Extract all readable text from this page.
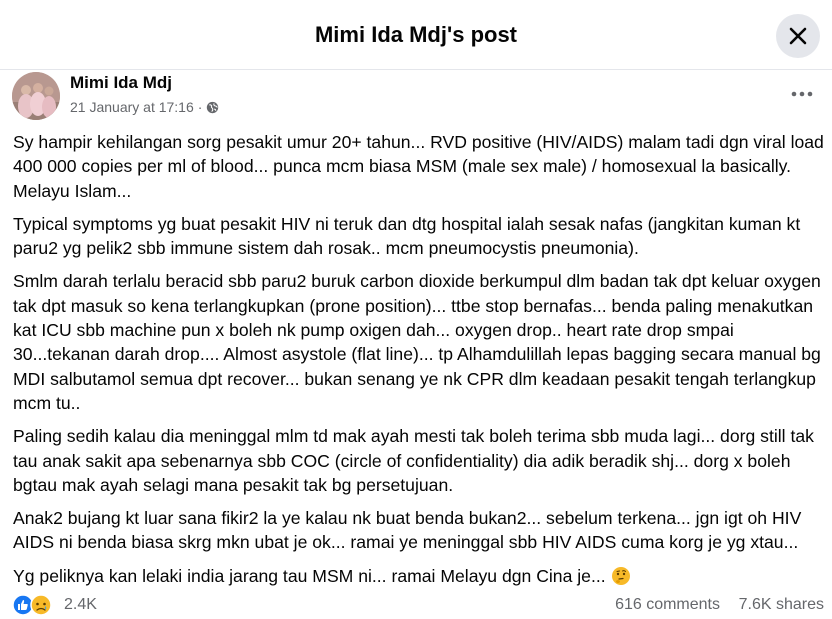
Mimi Ida Mdj's post
Mimi Ida Mdj
21 January at 17:16 ·

Sy hampir kehilangan sorg pesakit umur 20+ tahun... RVD positive (HIV/AIDS) malam tadi dgn viral load 400 000 copies per ml of blood... punca mcm biasa MSM (male sex male) / homosexual la basically. Melayu Islam...

Typical symptoms yg buat pesakit HIV ni teruk dan dtg hospital ialah sesak nafas (jangkitan kuman kt paru2 yg pelik2 sbb immune sistem dah rosak.. mcm pneumocystis pneumonia).

Smlm darah terlalu beracid sbb paru2 buruk carbon dioxide berkumpul dlm badan tak dpt keluar oxygen tak dpt masuk so kena terlangkupkan (prone position)... ttbe stop bernafas... benda paling menakutkan kat ICU sbb machine pun x boleh nk pump oxigen dah... oxygen drop.. heart rate drop smpai 30...tekanan darah drop.... Almost asystole (flat line)... tp Alhamdulillah lepas bagging secara manual bg MDI salbutamol semua dpt recover... bukan senang ye nk CPR dlm keadaan pesakit tengah terlangkup mcm tu..

Paling sedih kalau dia meninggal mlm td mak ayah mesti tak boleh terima sbb muda lagi... dorg still tak tau anak sakit apa sebenarnya sbb COC (circle of confidentiality) dia adik beradik shj... dorg x boleh bgtau mak ayah selagi mana pesakit tak bg persetujuan.

Anak2 bujang kt luar sana fikir2 la ye kalau nk buat benda bukan2... sebelum terkena... jgn igt oh HIV AIDS ni benda biasa skrg mkn ubat je ok... ramai ye meninggal sbb HIV AIDS cuma korg je yg xtau...

Yg peliknya kan lelaki india jarang tau MSM ni... ramai Melayu dgn Cina je...

2.4K	616 comments 7.6K shares
